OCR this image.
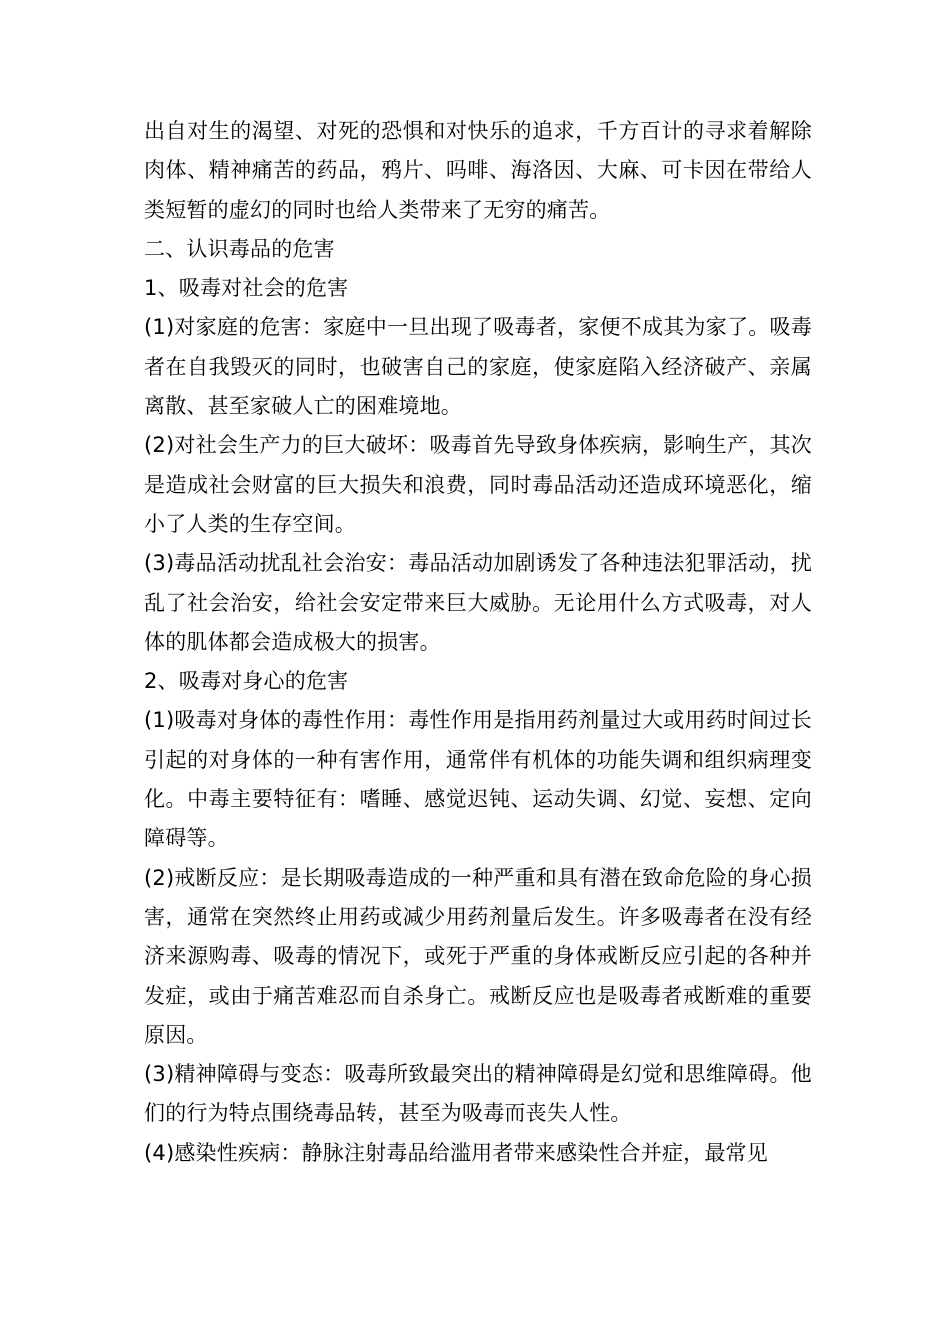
出自对生的渴望、对死的恐惧和对快乐的追求，千方百计的寻求着解除肉体、精神痛苦的药品，鸦片、吗啡、海洛因、大麻、可卡因在带给人类短暂的虚幻的同时也给人类带来了无穷的痛苦。

二、认识毒品的危害

1、吸毒对社会的危害

(1)对家庭的危害：家庭中一旦出现了吸毒者，家便不成其为家了。吸毒者在自我毁灭的同时，也破害自己的家庭，使家庭陷入经济破产、亲属离散、甚至家破人亡的困难境地。

(2)对社会生产力的巨大破坏：吸毒首先导致身体疾病，影响生产，其次是造成社会财富的巨大损失和浪费，同时毒品活动还造成环境恶化，缩小了人类的生存空间。

(3)毒品活动扰乱社会治安：毒品活动加剧诱发了各种违法犯罪活动，扰乱了社会治安，给社会安定带来巨大威胁。无论用什么方式吸毒，对人体的肌体都会造成极大的损害。

2、吸毒对身心的危害

(1)吸毒对身体的毒性作用：毒性作用是指用药剂量过大或用药时间过长引起的对身体的一种有害作用，通常伴有机体的功能失调和组织病理变化。中毒主要特征有：嗜睡、感觉迟钝、运动失调、幻觉、妄想、定向障碍等。

(2)戒断反应：是长期吸毒造成的一种严重和具有潜在致命危险的身心损害，通常在突然终止用药或减少用药剂量后发生。许多吸毒者在没有经济来源购毒、吸毒的情况下，或死于严重的身体戒断反应引起的各种并发症，或由于痛苦难忍而自杀身亡。戒断反应也是吸毒者戒断难的重要原因。

(3)精神障碍与变态：吸毒所致最突出的精神障碍是幻觉和思维障碍。他们的行为特点围绕毒品转，甚至为吸毒而丧失人性。

(4)感染性疾病：静脉注射毒品给滥用者带来感染性合并症，最常见
